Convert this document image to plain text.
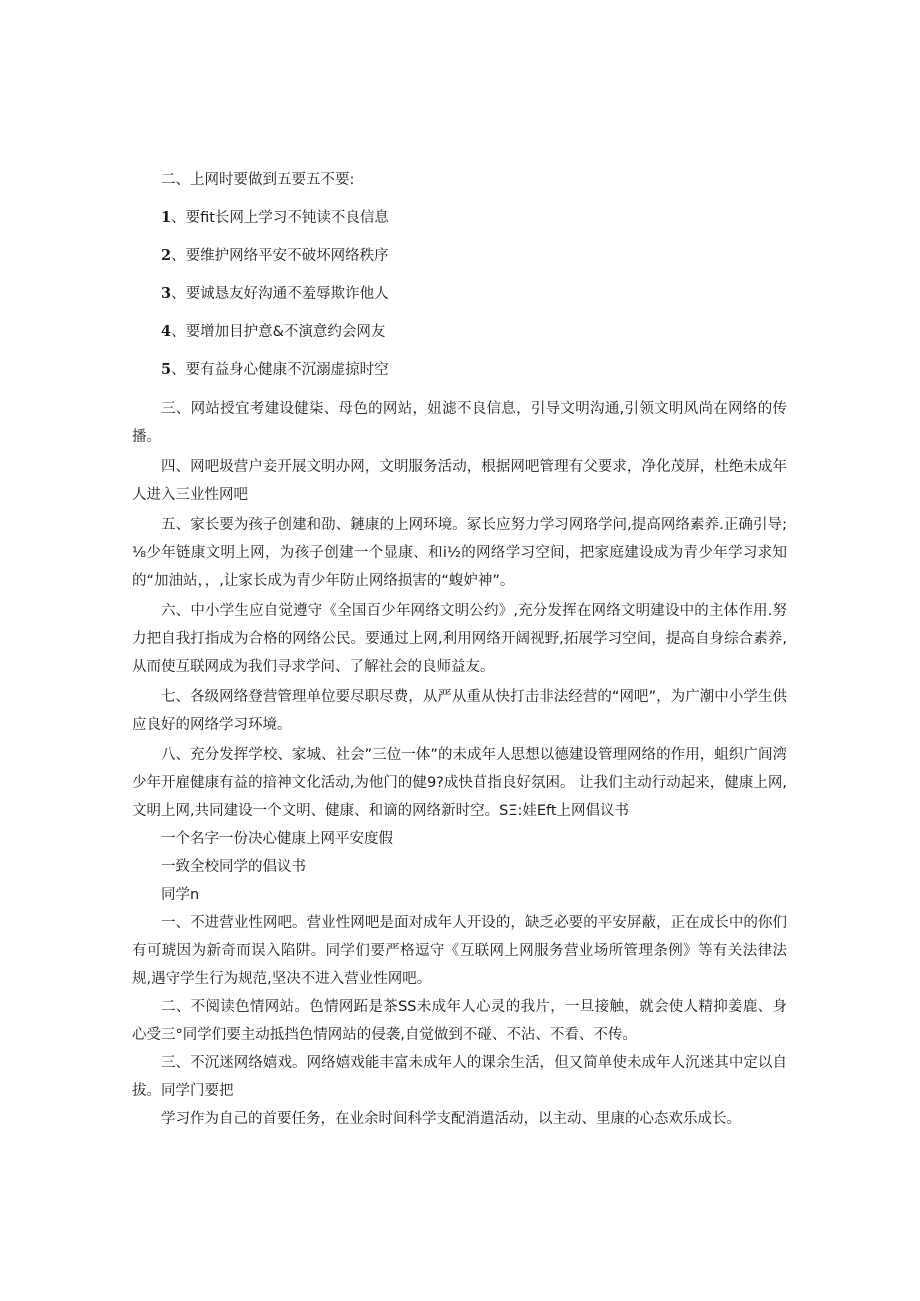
二、上网时要做到五要五不要:

1、要fit长网上学习不钝读不良信息

2、要维护网络平安不破坏网络秩序

3、要诚恳友好沟通不羞辱欺诈他人

4、要增加目护意&不演意约会网友

5、要有益身心健康不沉溺虚掠时空

三、网站授宜考建设健柒、母色的网站，妞滤不良信息，引导文明沟通,引领文明风尚在网络的传播。

四、网吧圾营户妾开展文明办网，文明服务活动，根据网吧管理有父要求，净化茂屏，杜绝未成年人进入三业性网吧

五、家长要为孩子创建和劭、鏈康的上网环境。冢长应努力学习网珞学问,提高网络素养.正确引导;⅛少年链康文明上网，为孩子创建一个显康、和i½的网络学习空间，把家庭建设成为青少年学习求知的“加油站，，,让家长成为青少年防止网络损害的“蝮妒神”。

六、中小学生应自觉遵守《全国百少年网络文明公约》,充分发挥在网络文明建设中的主体作用.努力把自我打指成为合格的网络公民。要通过上网,利用网络开阔视野,拓展学习空间，提高自身综合素养,从而使互联网成为我们寻求学问、了解社会的良师益友。

七、各级网络登营管理单位要尽职尽费，从严从重从快打击非法经营的“网吧”，为广潮中小学生供应良好的网络学习环境。

八、充分发挥学校、家城、社会”三位一体”的未成年人思想以德建设管理网络的作用，蛆织广闾湾少年开雇健康有益的揞神文化活动,为他门的健9?成快苜指良好氛困。 让我们主动行动起来，健康上网,文明上网,共同建设一个文明、健康、和谪的网络新时空。SΞ:娃Eft上网倡议书

一个名字一份决心健康上网平安度假

一致全校同学的倡议书

同学n

一、不进营业性网吧。营业性网吧是面对成年人开设的，缺乏必要的平安屏蔽，正在成长中的你们有可琥因为新奇而误入陷阱。同学们要严格逗守《互联网上网服务营业场所管理条例》等有关法律法规,遇守学生行为规范,坚决不进入营业性网吧。

二、不阅读色情网站。色情网跖是茶SS未成年人心灵的我片，一旦接触，就会使人精抑姜鹿、身心受三°同学们要主动抵挡色情网站的侵袭,自觉做到不碰、不沾、不看、不传。

三、不沉迷网络嬉戏。网络嬉戏能丰富未成年人的课余生活，但又简单使未成年人沉迷其中定以自拔。同学门要把

学习作为自己的首要任务，在业余时间科学支配消遣活动，以主动、里康的心态欢乐成长。
